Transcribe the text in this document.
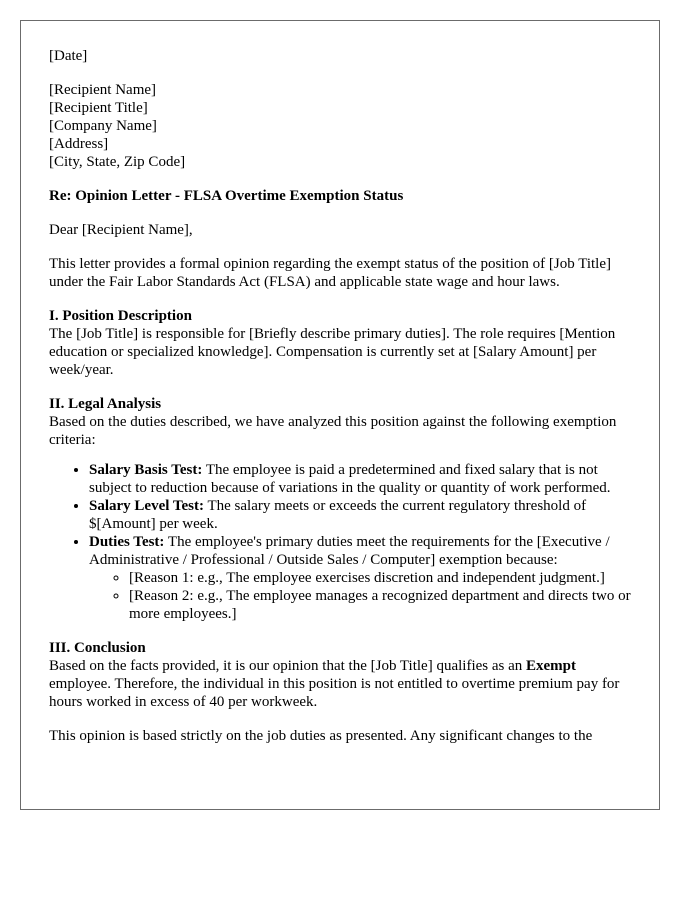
[Date]

[Recipient Name]

[Recipient Title]

[Company Name]

[Address]

[City, State, Zip Code]

Re: Opinion Letter - FLSA Overtime Exemption Status

Dear [Recipient Name],

This letter provides a formal opinion regarding the exempt status of the position of [Job Title] under the Fair Labor Standards Act (FLSA) and applicable state wage and hour laws.

I. Position Description

The [Job Title] is responsible for [Briefly describe primary duties]. The role requires [Mention education or specialized knowledge]. Compensation is currently set at [Salary Amount] per week/year.

II. Legal Analysis

Based on the duties described, we have analyzed this position against the following exemption criteria:

• Salary Basis Test: The employee is paid a predetermined and fixed salary that is not subject to reduction because of variations in the quality or quantity of work performed.
• Salary Level Test: The salary meets or exceeds the current regulatory threshold of $[Amount] per week.
• Duties Test: The employee's primary duties meet the requirements for the [Executive / Administrative / Professional / Outside Sales / Computer] exemption because:
◦ [Reason 1: e.g., The employee exercises discretion and independent judgment.]
◦ [Reason 2: e.g., The employee manages a recognized department and directs two or more employees.]

III. Conclusion

Based on the facts provided, it is our opinion that the [Job Title] qualifies as an Exempt employee. Therefore, the individual in this position is not entitled to overtime premium pay for hours worked in excess of 40 per workweek.

This opinion is based strictly on the job duties as presented. Any significant changes to the
